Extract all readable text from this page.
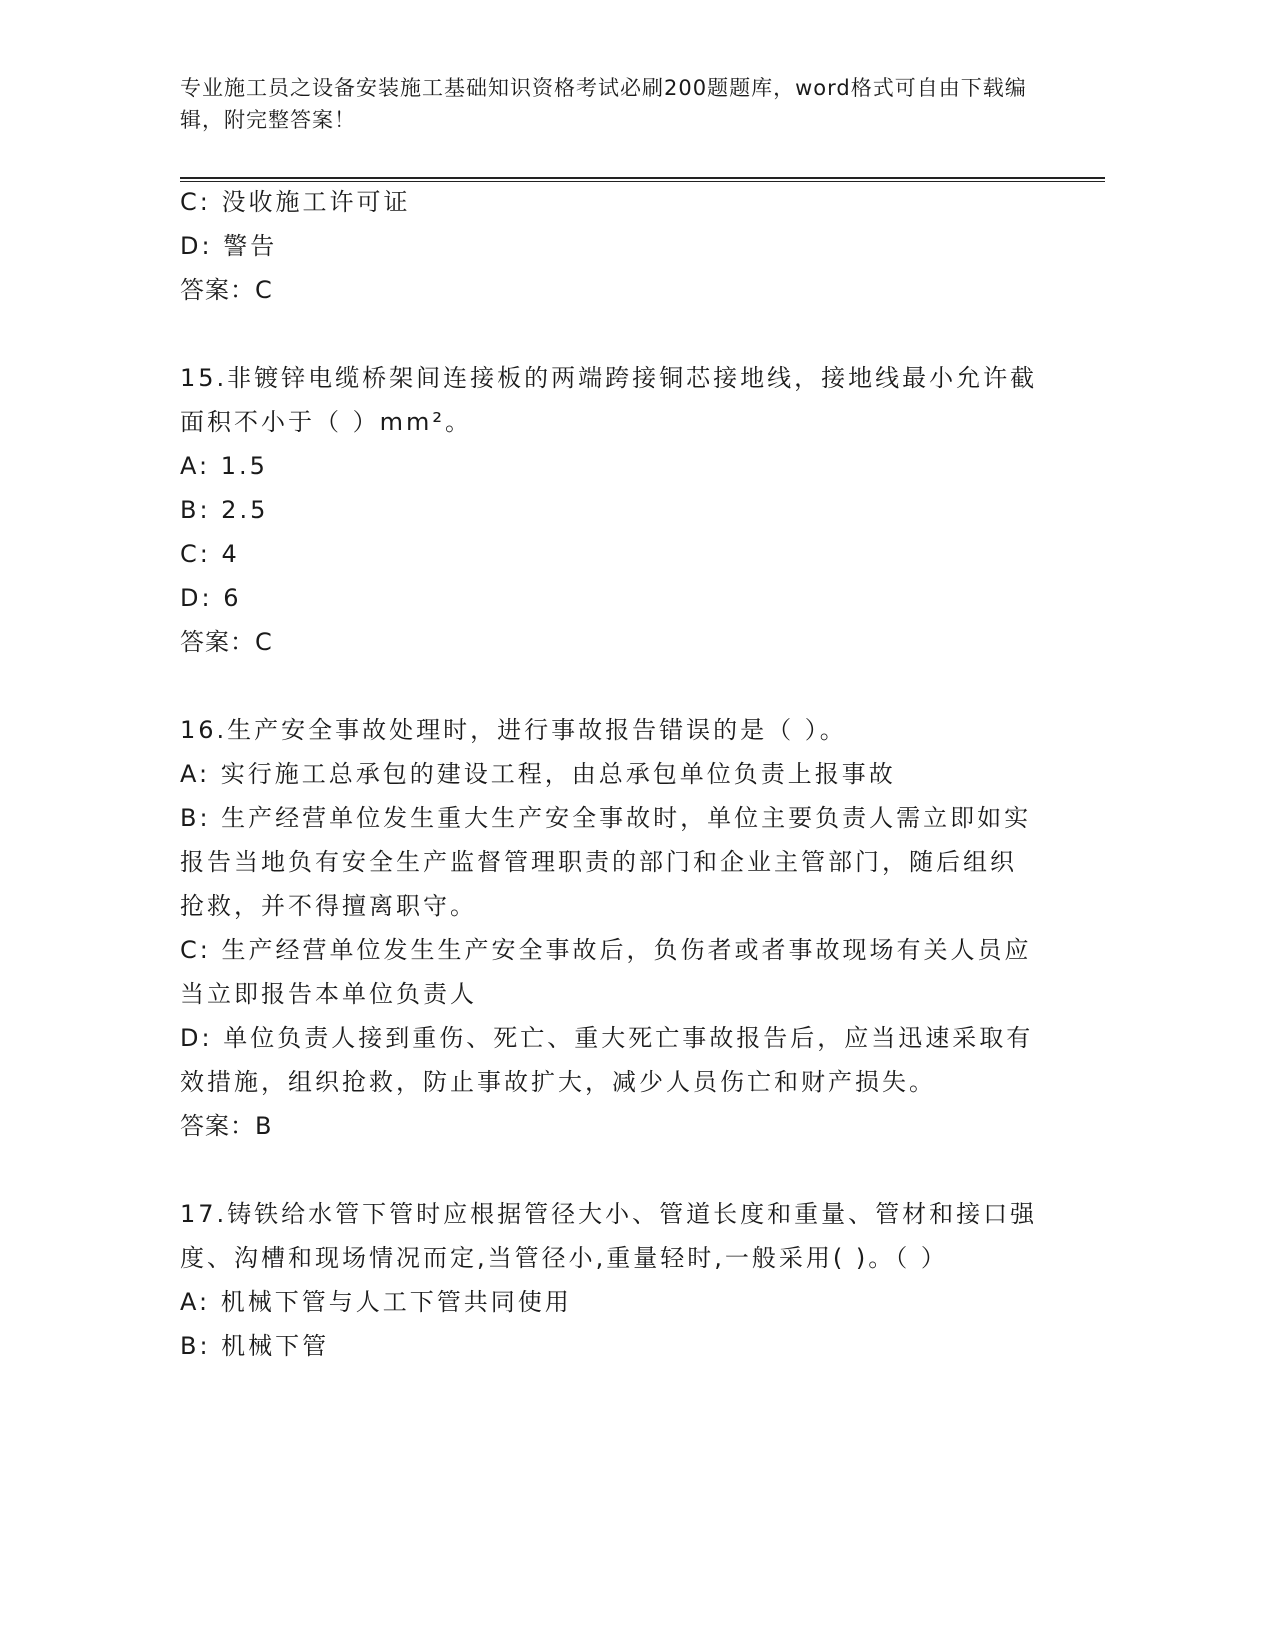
专业施工员之设备安装施工基础知识资格考试必刷200题题库，word格式可自由下载编辑，附完整答案！
C: 没收施工许可证
D: 警告
答案：C
15.非镀锌电缆桥架间连接板的两端跨接铜芯接地线，接地线最小允许截面积不小于（ ）mm²。
A: 1.5
B: 2.5
C: 4
D: 6
答案：C
16.生产安全事故处理时，进行事故报告错误的是（ ）。
A: 实行施工总承包的建设工程，由总承包单位负责上报事故
B: 生产经营单位发生重大生产安全事故时，单位主要负责人需立即如实报告当地负有安全生产监督管理职责的部门和企业主管部门，随后组织抢救，并不得擅离职守。
C: 生产经营单位发生生产安全事故后，负伤者或者事故现场有关人员应当立即报告本单位负责人
D: 单位负责人接到重伤、死亡、重大死亡事故报告后，应当迅速采取有效措施，组织抢救，防止事故扩大，减少人员伤亡和财产损失。
答案：B
17.铸铁给水管下管时应根据管径大小、管道长度和重量、管材和接口强度、沟槽和现场情况而定,当管径小,重量轻时,一般采用( )。（ ）
A: 机械下管与人工下管共同使用
B: 机械下管
